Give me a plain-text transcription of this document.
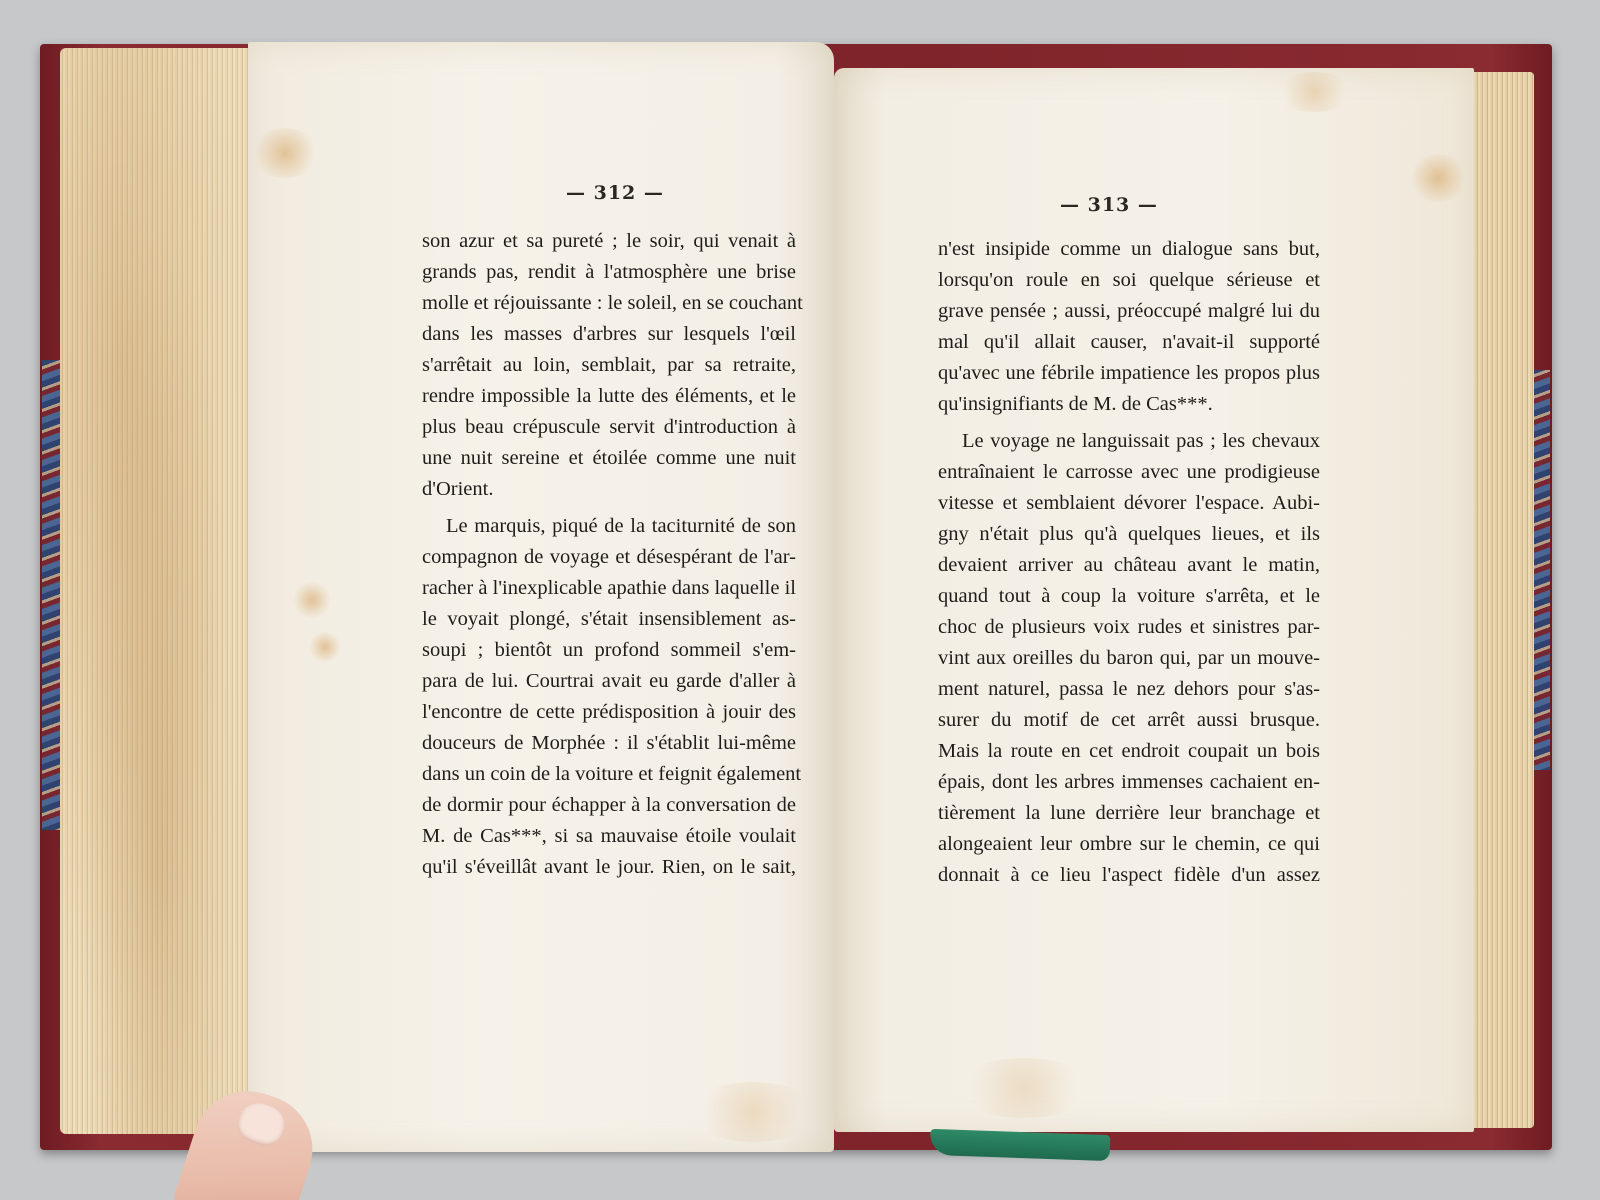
— 312 —
son azur et sa pureté ; le soir, qui venait à
grands pas, rendit à l'atmosphère une brise
molle et réjouissante : le soleil, en se couchant
dans les masses d'arbres sur lesquels l'œil
s'arrêtait au loin, semblait, par sa retraite,
rendre impossible la lutte des éléments, et le
plus beau crépuscule servit d'introduction à
une nuit sereine et étoilée comme une nuit
d'Orient.
Le marquis, piqué de la taciturnité de son
compagnon de voyage et désespérant de l'ar-
racher à l'inexplicable apathie dans laquelle il
le voyait plongé, s'était insensiblement as-
soupi ; bientôt un profond sommeil s'em-
para de lui. Courtrai avait eu garde d'aller à
l'encontre de cette prédisposition à jouir des
douceurs de Morphée : il s'établit lui-même
dans un coin de la voiture et feignit également
de dormir pour échapper à la conversation de
M. de Cas***, si sa mauvaise étoile voulait
qu'il s'éveillât avant le jour. Rien, on le sait,
— 313 —
n'est insipide comme un dialogue sans but,
lorsqu'on roule en soi quelque sérieuse et
grave pensée ; aussi, préoccupé malgré lui du
mal qu'il allait causer, n'avait-il supporté
qu'avec une fébrile impatience les propos plus
qu'insignifiants de M. de Cas***.
Le voyage ne languissait pas ; les chevaux
entraînaient le carrosse avec une prodigieuse
vitesse et semblaient dévorer l'espace. Aubi-
gny n'était plus qu'à quelques lieues, et ils
devaient arriver au château avant le matin,
quand tout à coup la voiture s'arrêta, et le
choc de plusieurs voix rudes et sinistres par-
vint aux oreilles du baron qui, par un mouve-
ment naturel, passa le nez dehors pour s'as-
surer du motif de cet arrêt aussi brusque.
Mais la route en cet endroit coupait un bois
épais, dont les arbres immenses cachaient en-
tièrement la lune derrière leur branchage et
alongeaient leur ombre sur le chemin, ce qui
donnait à ce lieu l'aspect fidèle d'un assez
